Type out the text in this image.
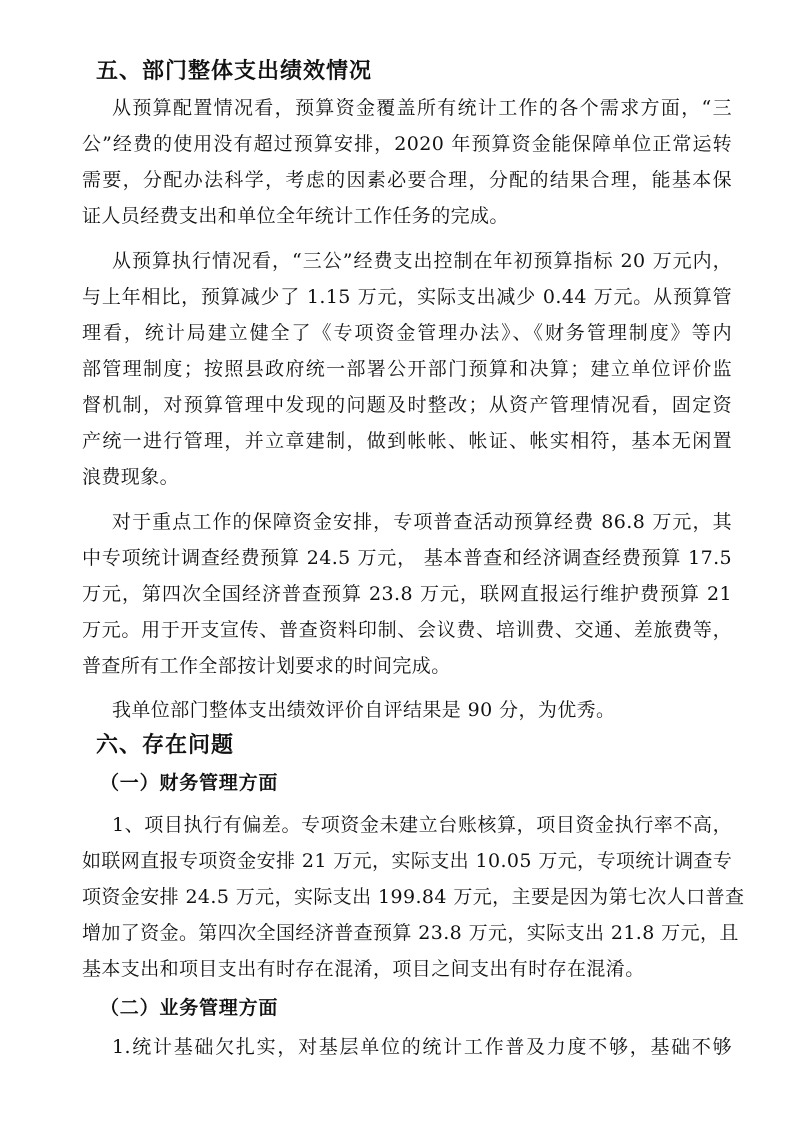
五、部门整体支出绩效情况
从预算配置情况看，预算资金覆盖所有统计工作的各个需求方面，“三
公”经费的使用没有超过预算安排，2020 年预算资金能保障单位正常运转
需要，分配办法科学，考虑的因素必要合理，分配的结果合理，能基本保
证人员经费支出和单位全年统计工作任务的完成。
从预算执行情况看，“三公”经费支出控制在年初预算指标 20 万元内，
与上年相比，预算减少了 1.15 万元，实际支出减少 0.44 万元。从预算管
理看，统计局建立健全了《专项资金管理办法》、《财务管理制度》等内
部管理制度；按照县政府统一部署公开部门预算和决算；建立单位评价监
督机制，对预算管理中发现的问题及时整改；从资产管理情况看，固定资
产统一进行管理，并立章建制，做到帐帐、帐证、帐实相符，基本无闲置
浪费现象。
对于重点工作的保障资金安排，专项普查活动预算经费 86.8 万元，其
中专项统计调查经费预算 24.5 万元， 基本普查和经济调查经费预算 17.5
万元，第四次全国经济普查预算 23.8 万元，联网直报运行维护费预算 21
万元。用于开支宣传、普查资料印制、会议费、培训费、交通、差旅费等，
普查所有工作全部按计划要求的时间完成。
我单位部门整体支出绩效评价自评结果是 90 分，为优秀。
六、存在问题
（一）财务管理方面
1、项目执行有偏差。专项资金未建立台账核算，项目资金执行率不高，
如联网直报专项资金安排 21 万元，实际支出 10.05 万元，专项统计调查专
项资金安排 24.5 万元，实际支出 199.84 万元，主要是因为第七次人口普查
增加了资金。第四次全国经济普查预算 23.8 万元，实际支出 21.8 万元，且
基本支出和项目支出有时存在混淆，项目之间支出有时存在混淆。
（二）业务管理方面
1.统计基础欠扎实，对基层单位的统计工作普及力度不够，基础不够
